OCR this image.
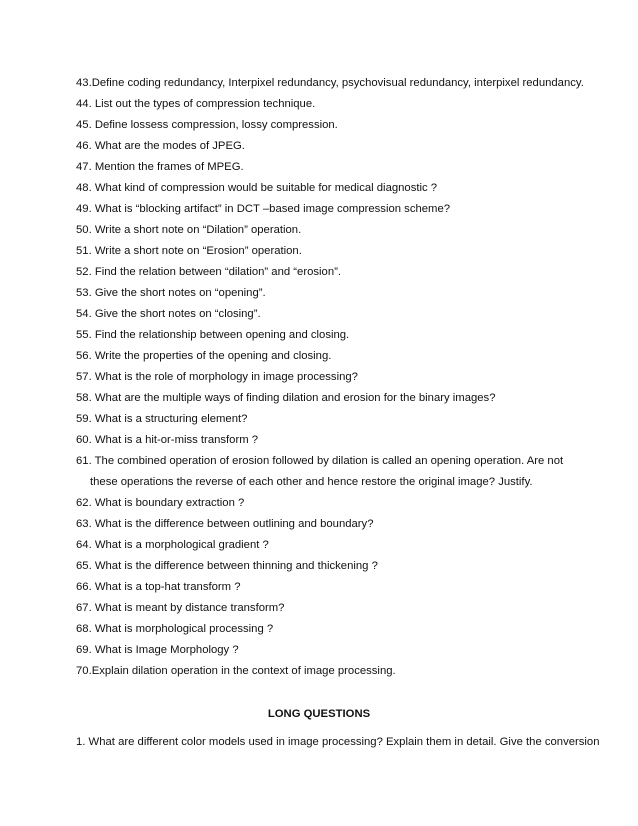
43.Define coding redundancy, Interpixel redundancy, psychovisual redundancy, interpixel redundancy.
44. List out the types of compression technique.
45. Define lossess compression, lossy compression.
46. What are the modes of JPEG.
47. Mention the frames of MPEG.
48. What kind of compression would be suitable for medical diagnostic ?
49. What is “blocking artifact” in DCT –based image compression scheme?
50. Write a short note on “Dilation” operation.
51. Write a short note on “Erosion” operation.
52. Find the relation between “dilation” and “erosion”.
53. Give the short notes on “opening”.
54. Give the short notes on “closing”.
55. Find the relationship between opening and closing.
56. Write the properties of the opening and closing.
57. What is the role of morphology in image processing?
58. What are the multiple ways of finding dilation and erosion for the binary images?
59. What is a structuring element?
60. What is a hit-or-miss transform ?
61. The combined operation of erosion followed by dilation is called an opening operation. Are not
these operations the reverse of each other and hence restore the original image? Justify.
62. What is boundary extraction ?
63. What is the difference between outlining and boundary?
64. What is a morphological gradient ?
65. What is the difference between thinning and thickening ?
66. What is a top-hat transform ?
67. What is meant by distance transform?
68. What is morphological processing ?
69. What is Image Morphology ?
70.Explain dilation operation in the context of image processing.
LONG QUESTIONS
1. What are different color models used in image processing? Explain them in detail. Give the conversion
